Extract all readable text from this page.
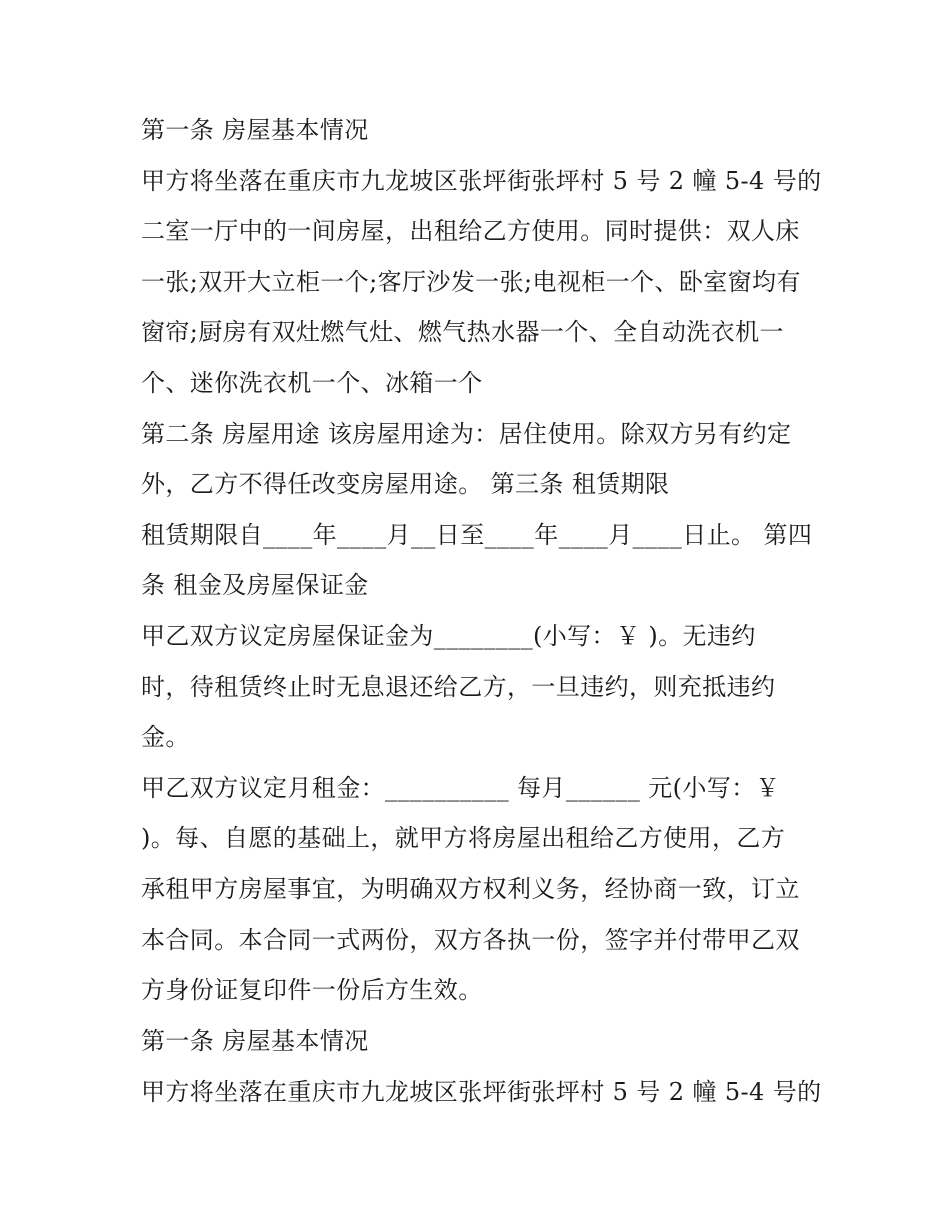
第一条 房屋基本情况
甲方将坐落在重庆市九龙坡区张坪街张坪村 5 号 2 幢 5-4 号的
二室一厅中的一间房屋，出租给乙方使用。同时提供：双人床
一张;双开大立柜一个;客厅沙发一张;电视柜一个、卧室窗均有
窗帘;厨房有双灶燃气灶、燃气热水器一个、全自动洗衣机一
个、迷你洗衣机一个、冰箱一个
第二条 房屋用途 该房屋用途为：居住使用。除双方另有约定
外，乙方不得任改变房屋用途。 第三条 租赁期限
租赁期限自____年____月__日至____年____月____日止。 第四
条 租金及房屋保证金
甲乙双方议定房屋保证金为________(小写：￥ )。无违约
时，待租赁终止时无息退还给乙方，一旦违约，则充抵违约
金。
甲乙双方议定月租金：__________ 每月______ 元(小写：￥
)。每、自愿的基础上，就甲方将房屋出租给乙方使用，乙方
承租甲方房屋事宜，为明确双方权利义务，经协商一致，订立
本合同。本合同一式两份，双方各执一份，签字并付带甲乙双
方身份证复印件一份后方生效。
第一条 房屋基本情况
甲方将坐落在重庆市九龙坡区张坪街张坪村 5 号 2 幢 5-4 号的
